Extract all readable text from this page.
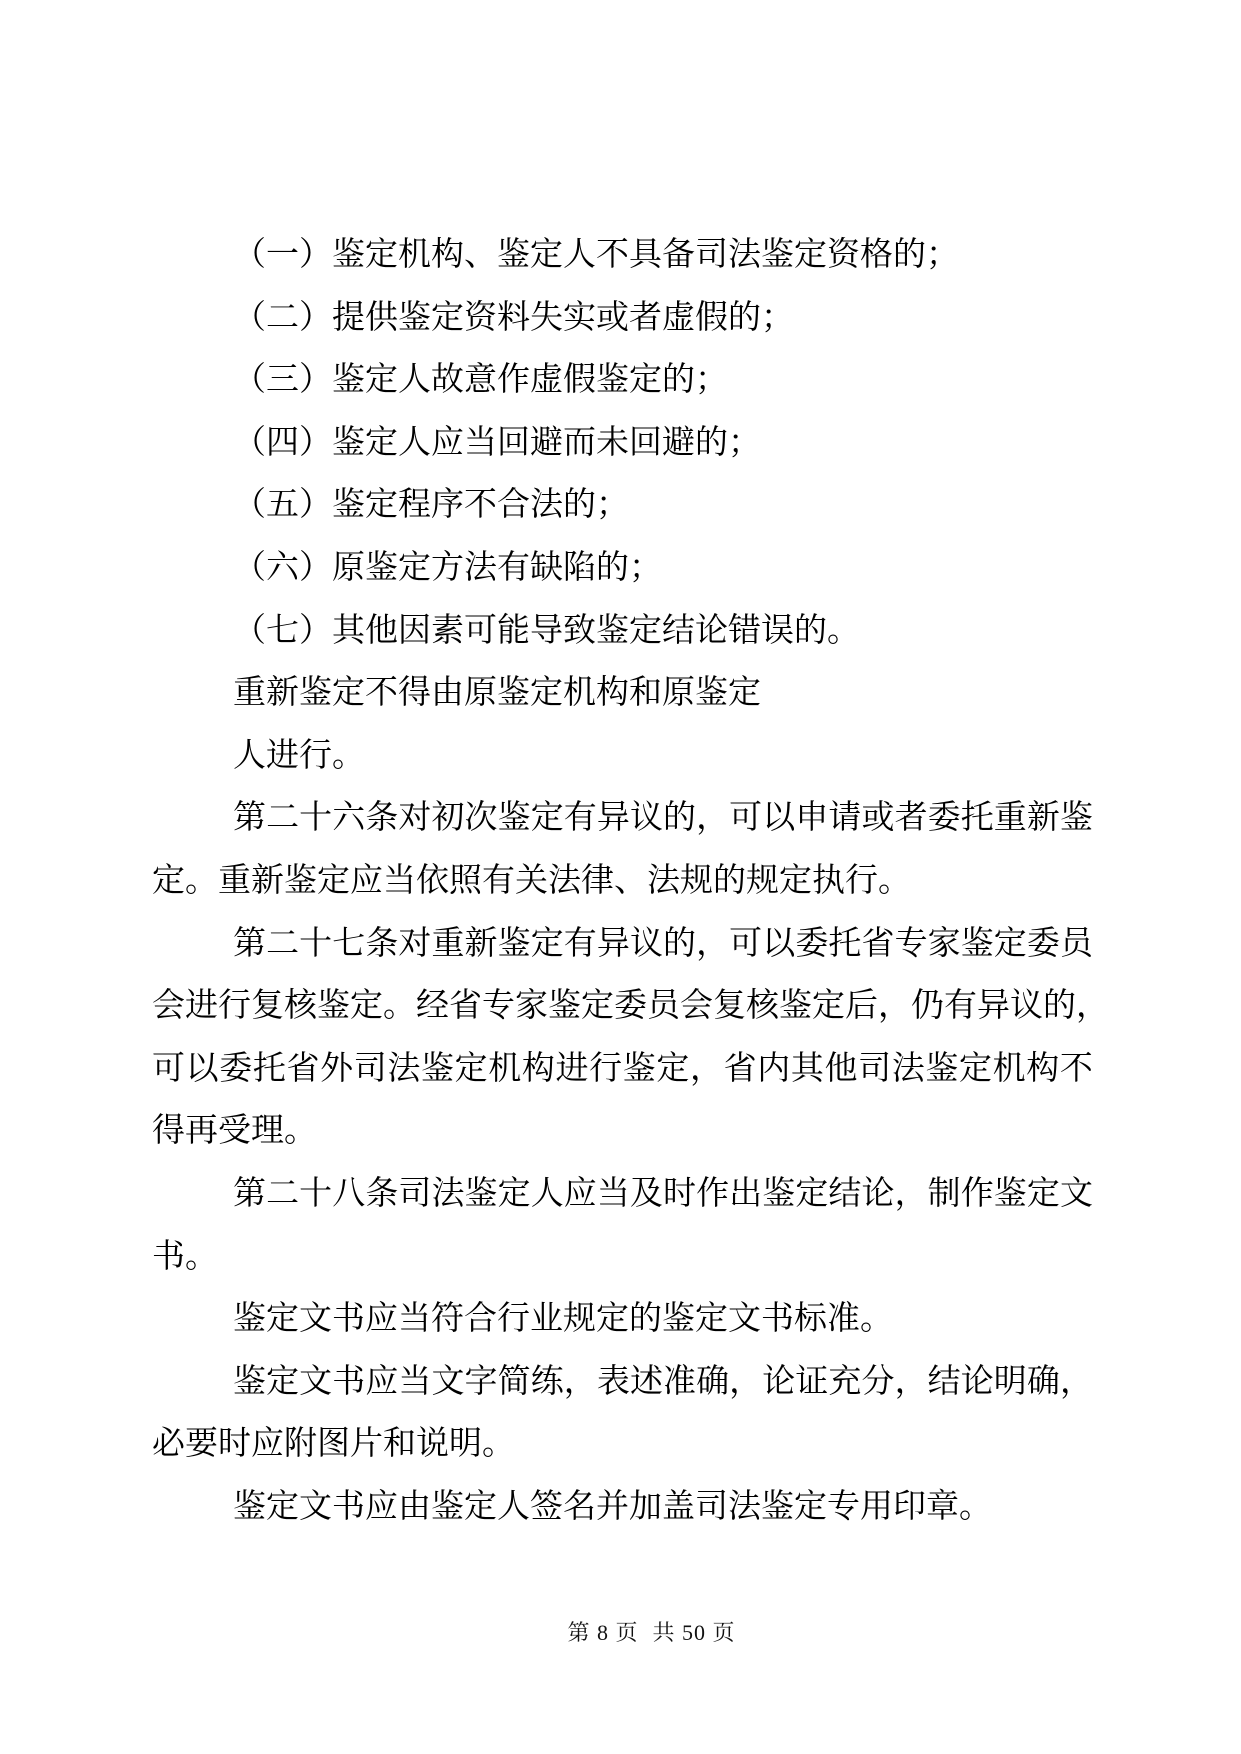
（一）鉴定机构、鉴定人不具备司法鉴定资格的；
（二）提供鉴定资料失实或者虚假的；
（三）鉴定人故意作虚假鉴定的；
（四）鉴定人应当回避而未回避的；
（五）鉴定程序不合法的；
（六）原鉴定方法有缺陷的；
（七）其他因素可能导致鉴定结论错误的。
重新鉴定不得由原鉴定机构和原鉴定
人进行。
第 二 十 六 条 对 初 次 鉴 定 有 异 议 的 ， 可 以 申 请 或 者 委 托 重 新 鉴
定。重新鉴定应当依照有关法律、法规的规定执行。
第 二 十 七 条 对 重 新 鉴 定 有 异 议 的 ， 可 以 委 托 省 专 家 鉴 定 委 员
会 进 行 复 核 鉴 定 。 经 省 专 家 鉴 定 委 员 会 复 核 鉴 定 后 ， 仍 有 异 议 的 ，
可 以 委 托 省 外 司 法 鉴 定 机 构 进 行 鉴 定 ， 省 内 其 他 司 法 鉴 定 机 构 不
得再受理。
第 二 十 八 条 司 法 鉴 定 人 应 当 及 时 作 出 鉴 定 结 论 ， 制 作 鉴 定 文
书。
鉴定文书应当符合行业规定的鉴定文书标准。
鉴 定 文 书 应 当 文 字 简 练 ， 表 述 准 确 ， 论 证 充 分 ， 结 论 明 确 ，
必要时应附图片和说明。
鉴定文书应由鉴定人签名并加盖司法鉴定专用印章。
第 8 页 共 50 页
